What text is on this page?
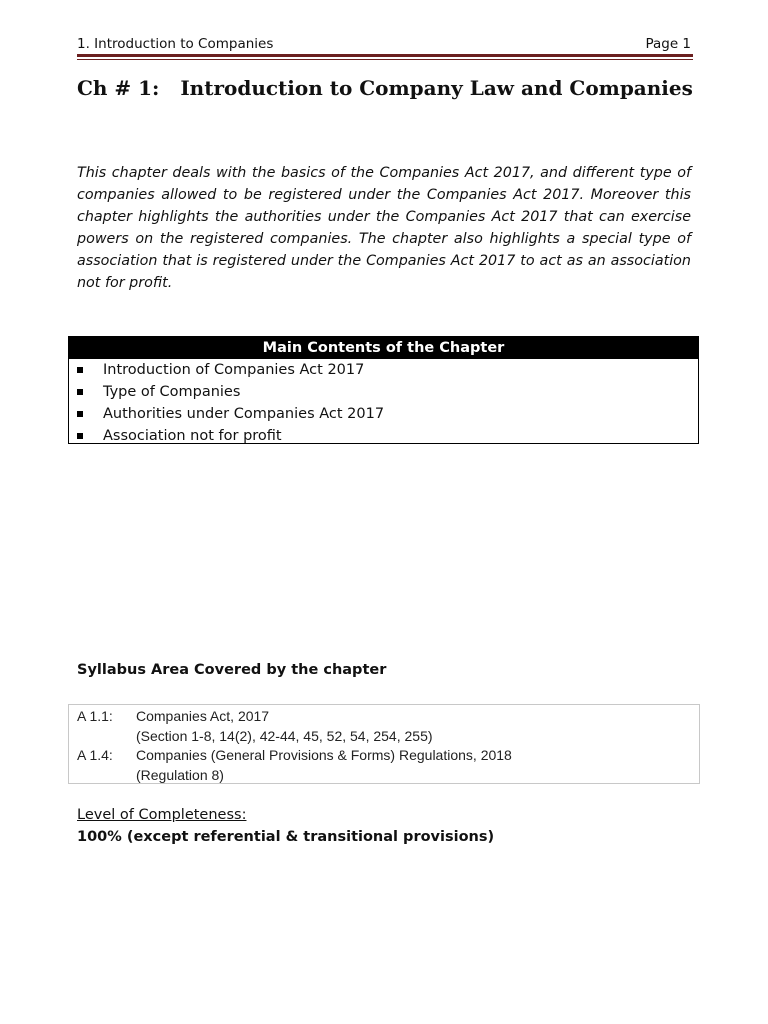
1. Introduction to Companies	Page 1
Ch # 1:   Introduction to Company Law and Companies

This chapter deals with the basics of the Companies Act 2017, and different type of companies allowed to be registered under the Companies Act 2017. Moreover this chapter highlights the authorities under the Companies Act 2017 that can exercise powers on the registered companies. The chapter also highlights a special type of association that is registered under the Companies Act 2017 to act as an association not for profit.

Main Contents of the Chapter
Introduction of Companies Act 2017
Type of Companies
Authorities under Companies Act 2017
Association not for profit
Syllabus Area Covered by the chapter
A 1.1:	Companies Act, 2017
(Section 1-8, 14(2), 42-44, 45, 52, 54, 254, 255)
A 1.4:	Companies (General Provisions & Forms) Regulations, 2018
(Regulation 8)
Level of Completeness:
100% (except referential & transitional provisions)
